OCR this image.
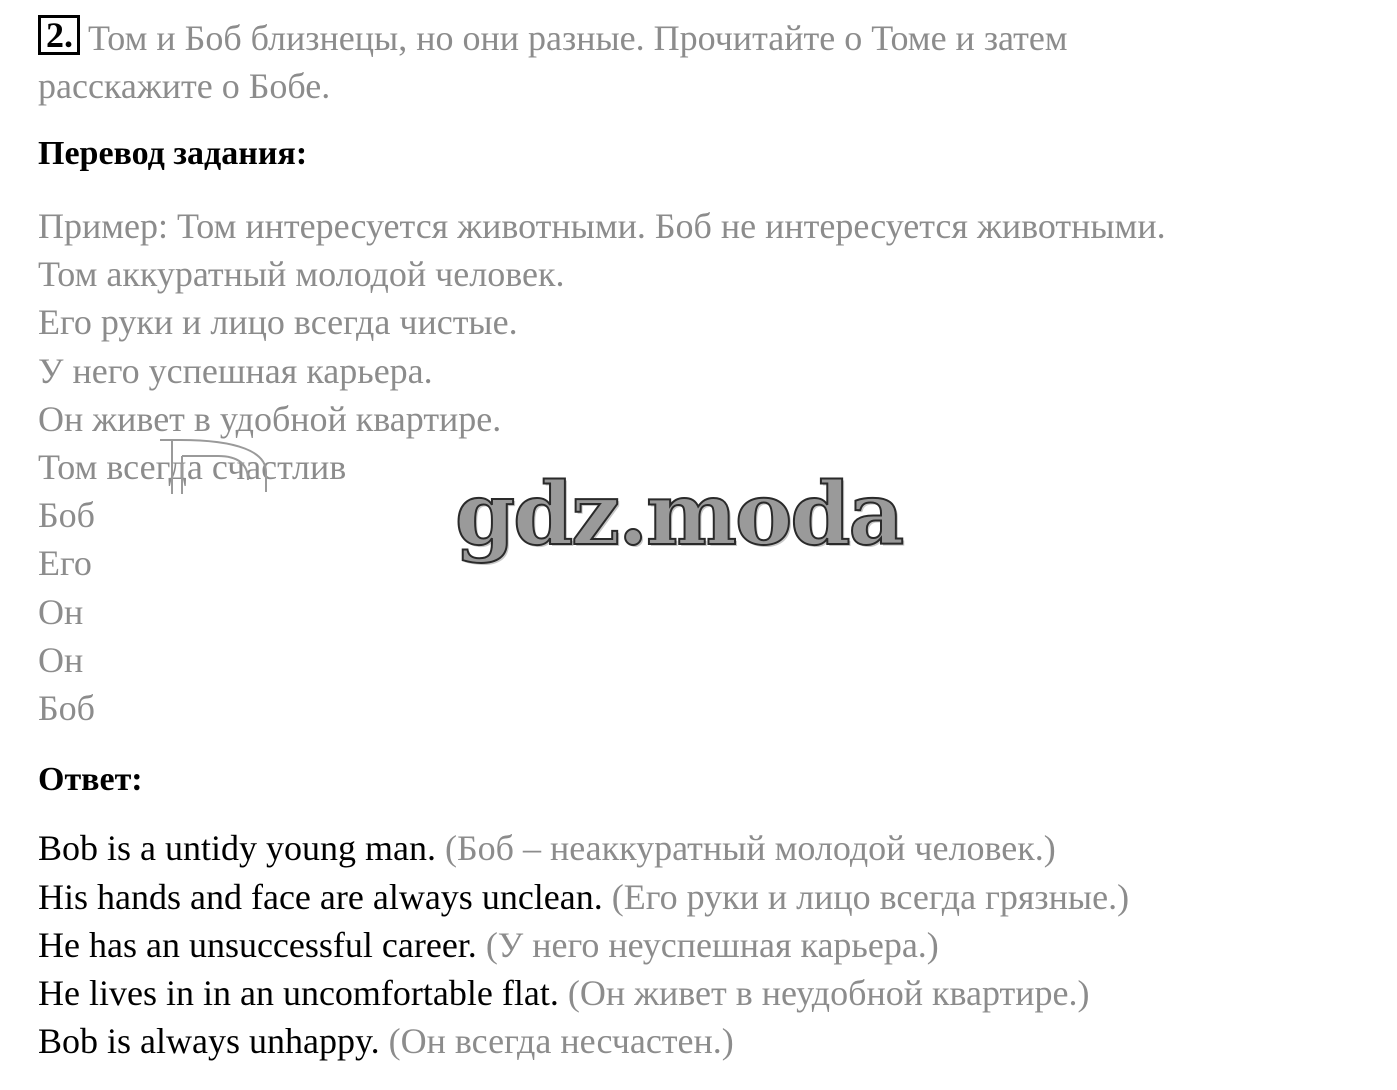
2. Том и Боб близнецы, но они разные. Прочитайте о Томе и затем
расскажите о Бобе.
Перевод задания:
Пример: Том интересуется животными. Боб не интересуется животными.
Том аккуратный молодой человек.
Его руки и лицо всегда чистые.
У него успешная карьера.
Он живет в удобной квартире.
Том всегда счастлив
Боб
Его
Он
Он
Боб
Ответ:
Bob is a untidy young man. (Боб – неаккуратный молодой человек.)
His hands and face are always unclean. (Его руки и лицо всегда грязные.)
He has an unsuccessful career. (У него неуспешная карьера.)
He lives in in an uncomfortable flat. (Он живет в неудобной квартире.)
Bob is always unhappy. (Он всегда несчастен.)
gdz.moda
